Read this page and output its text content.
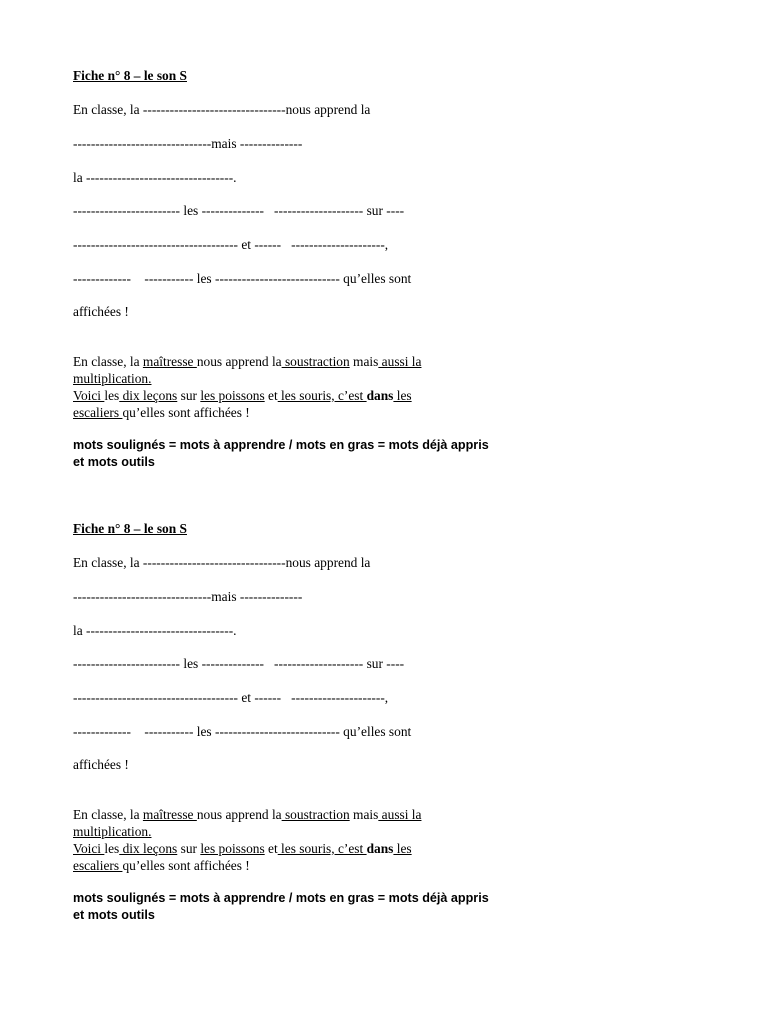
Fiche n° 8 – le son S
En classe, la --------------------------------nous apprend la
-------------------------------mais --------------
la ---------------------------------.
------------------------ les --------------   -------------------- sur ----
------------------------------------- et ------   ---------------------,
-------------    ----------- les ---------------------------- qu’elles sont
affichées !
En classe, la maîtresse nous apprend la soustraction mais aussi la
multiplication.
Voici les dix leçons sur les poissons et les souris, c’est dans les
escaliers qu’elles sont affichées !
mots soulignés = mots à apprendre / mots en gras = mots déjà appris et mots outils
Fiche n° 8 – le son S
En classe, la --------------------------------nous apprend la
-------------------------------mais --------------
la ---------------------------------.
------------------------ les --------------   -------------------- sur ----
------------------------------------- et ------   ---------------------,
-------------    ----------- les ---------------------------- qu’elles sont
affichées !
En classe, la maîtresse nous apprend la soustraction mais aussi la
multiplication.
Voici les dix leçons sur les poissons et les souris, c’est dans les
escaliers qu’elles sont affichées !
mots soulignés = mots à apprendre / mots en gras = mots déjà appris et mots outils
